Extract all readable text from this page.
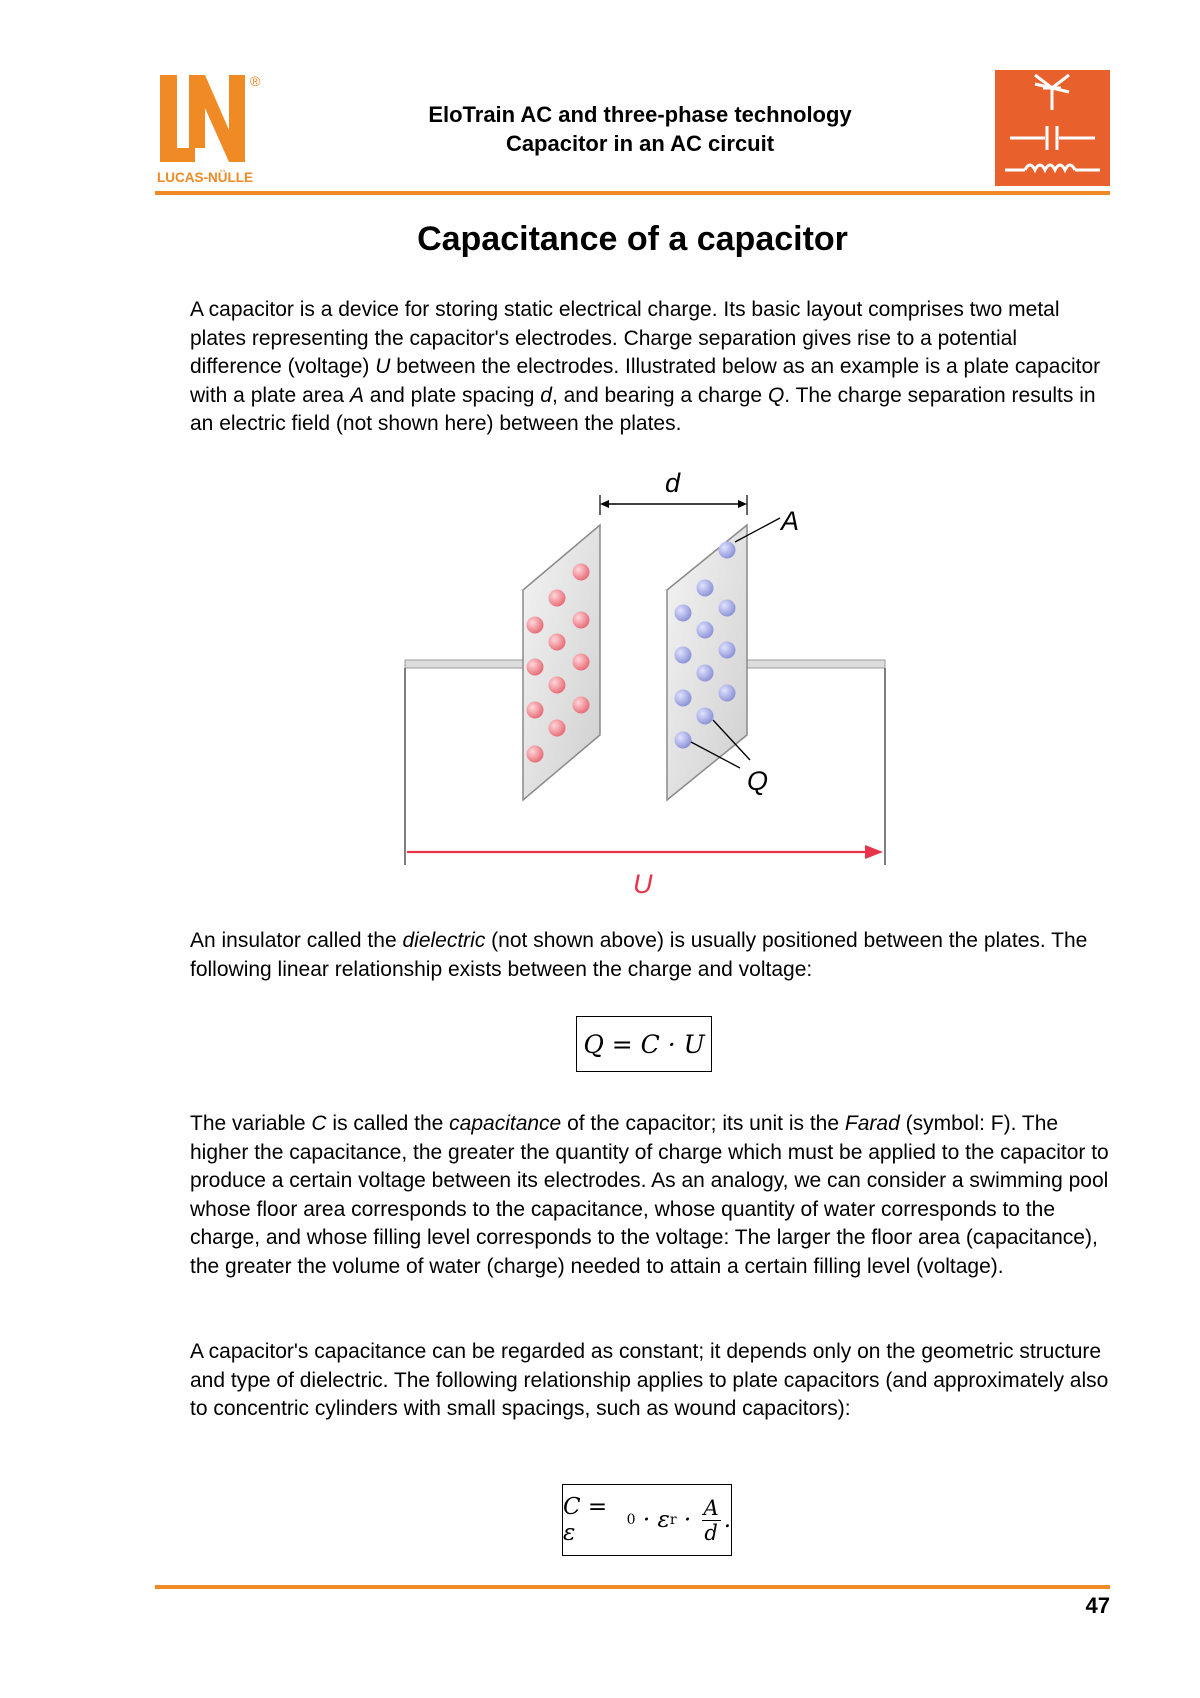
®
LUCAS-NÜLLE
EloTrain AC and three-phase technology
Capacitor in an AC circuit
Capacitance of a capacitor
A capacitor is a device for storing static electrical charge. Its basic layout comprises two metal plates representing the capacitor's electrodes. Charge separation gives rise to a potential difference (voltage) U between the electrodes. Illustrated below as an example is a plate capacitor with a plate area A and plate spacing d, and bearing a charge Q. The charge separation results in an electric field (not shown here) between the plates.
d
A
Q
U
An insulator called the dielectric (not shown above) is usually positioned between the plates. The following linear relationship exists between the charge and voltage:
Q = C · U
The variable C is called the capacitance of the capacitor; its unit is the Farad (symbol: F). The higher the capacitance, the greater the quantity of charge which must be applied to the capacitor to produce a certain voltage between its electrodes. As an analogy, we can consider a swimming pool whose floor area corresponds to the capacitance, whose quantity of water corresponds to the charge, and whose filling level corresponds to the voltage: The larger the floor area (capacitance), the greater the volume of water (charge) needed to attain a certain filling level (voltage).
A capacitor's capacitance can be regarded as constant; it depends only on the geometric structure and type of dielectric. The following relationship applies to plate capacitors (and approximately also to concentric cylinders with small spacings, such as wound capacitors):
C = ε	0 · ε $r \cdot \frac{A}{d}$ .
47
